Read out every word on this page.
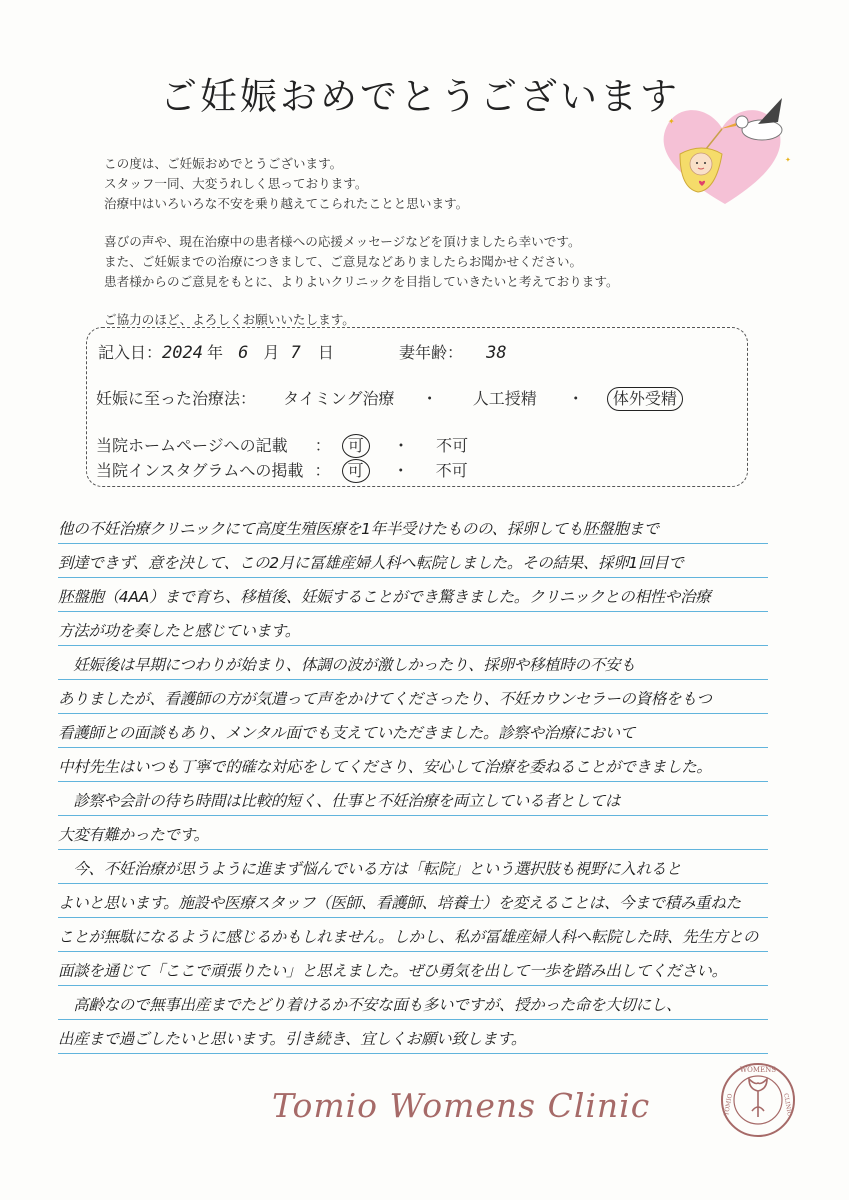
ご妊娠おめでとうございます

この度は、ご妊娠おめでとうございます。

スタッフ一同、大変うれしく思っております。

治療中はいろいろな不安を乗り越えてこられたことと思います。

喜びの声や、現在治療中の患者様への応援メッセージなどを頂けましたら幸いです。

また、ご妊娠までの治療につきまして、ご意見などありましたらお聞かせください。

患者様からのご意見をもとに、よりよいクリニックを目指していきたいと考えております。

ご協力のほど、よろしくお願いいたします。

✦
✦
記入日：2024 年 6 月 7 日	妻年齢： 38
妊娠に至った治療法： タイミング治療 ・ 人工授精 ・ 体外受精
当院ホームページへの記載 ： 可 ・ 不可
当院インスタグラムへの掲載 ： 可 ・ 不可
他の不妊治療クリニックにて高度生殖医療を1年半受けたものの、採卵しても胚盤胞まで
到達できず、意を決して、この2月に冨雄産婦人科へ転院しました。その結果、採卵1回目で
胚盤胞（4AA）まで育ち、移植後、妊娠することができ驚きました。クリニックとの相性や治療
方法が功を奏したと感じています。
　妊娠後は早期につわりが始まり、体調の波が激しかったり、採卵や移植時の不安も
ありましたが、看護師の方が気遣って声をかけてくださったり、不妊カウンセラーの資格をもつ
看護師との面談もあり、メンタル面でも支えていただきました。診察や治療において
中村先生はいつも丁寧で的確な対応をしてくださり、安心して治療を委ねることができました。
　診察や会計の待ち時間は比較的短く、仕事と不妊治療を両立している者としては
大変有難かったです。
　今、不妊治療が思うように進まず悩んでいる方は「転院」という選択肢も視野に入れると
よいと思います。施設や医療スタッフ（医師、看護師、培養士）を変えることは、今まで積み重ねた
ことが無駄になるように感じるかもしれません。しかし、私が冨雄産婦人科へ転院した時、先生方との
面談を通じて「ここで頑張りたい」と思えました。ぜひ勇気を出して一歩を踏み出してください。
　高齢なので無事出産までたどり着けるか不安な面も多いですが、授かった命を大切にし、
出産まで過ごしたいと思います。引き続き、宜しくお願い致します。
Tomio Womens Clinic
WOMENS
CLINIC
TOMIO
